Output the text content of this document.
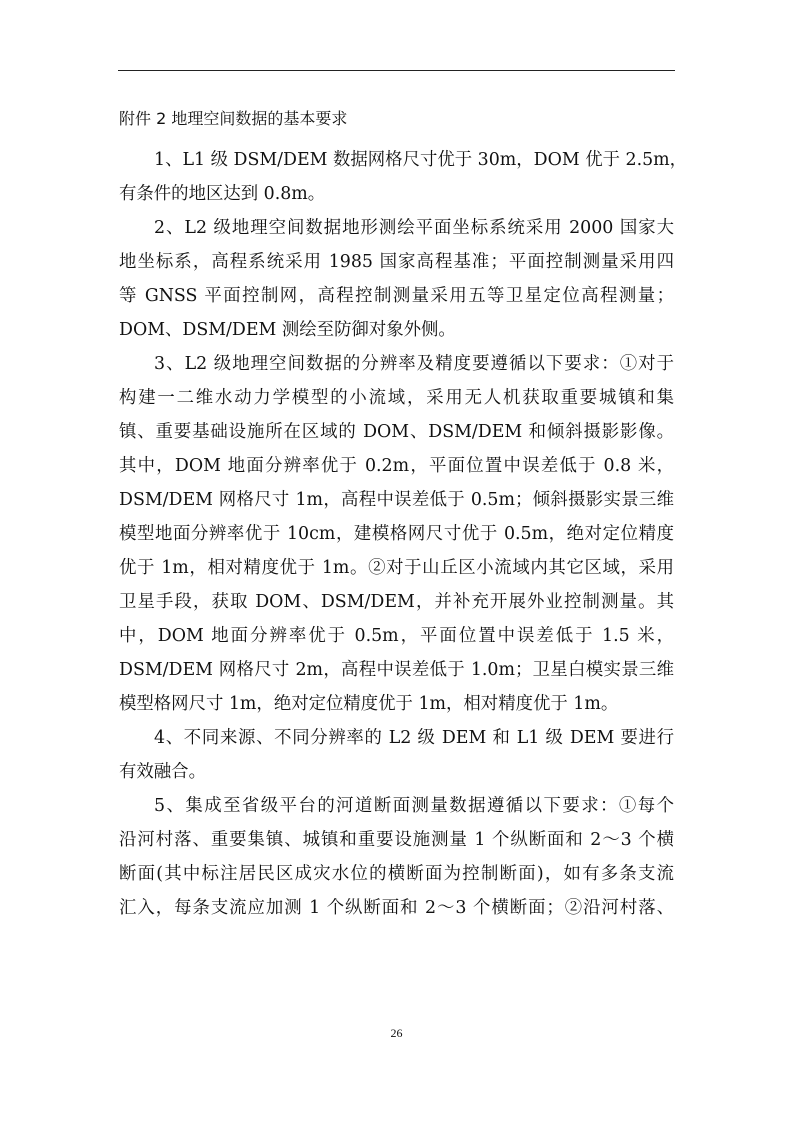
附件 2 地理空间数据的基本要求
1、L1 级 DSM/DEM 数据网格尺寸优于 30m，DOM 优于 2.5m，
有条件的地区达到 0.8m。
2、L2 级地理空间数据地形测绘平面坐标系统采用 2000 国家大
地坐标系，高程系统采用 1985 国家高程基准；平面控制测量采用四
等 GNSS 平面控制网，高程控制测量采用五等卫星定位高程测量；
DOM、DSM/DEM 测绘至防御对象外侧。
3、L2 级地理空间数据的分辨率及精度要遵循以下要求：①对于
构建一二维水动力学模型的小流域，采用无人机获取重要城镇和集
镇、重要基础设施所在区域的 DOM、DSM/DEM 和倾斜摄影影像。
其中，DOM 地面分辨率优于 0.2m，平面位置中误差低于 0.8 米，
DSM/DEM 网格尺寸 1m，高程中误差低于 0.5m；倾斜摄影实景三维
模型地面分辨率优于 10cm，建模格网尺寸优于 0.5m，绝对定位精度
优于 1m，相对精度优于 1m。②对于山丘区小流域内其它区域，采用
卫星手段，获取 DOM、DSM/DEM，并补充开展外业控制测量。其
中，DOM 地面分辨率优于 0.5m，平面位置中误差低于 1.5 米，
DSM/DEM 网格尺寸 2m，高程中误差低于 1.0m；卫星白模实景三维
模型格网尺寸 1m，绝对定位精度优于 1m，相对精度优于 1m。
4、不同来源、不同分辨率的 L2 级 DEM 和 L1 级 DEM 要进行
有效融合。
5、集成至省级平台的河道断面测量数据遵循以下要求：①每个
沿河村落、重要集镇、城镇和重要设施测量 1 个纵断面和 2～3 个横
断面(其中标注居民区成灾水位的横断面为控制断面)，如有多条支流
汇入，每条支流应加测 1 个纵断面和 2～3 个横断面；②沿河村落、
26
